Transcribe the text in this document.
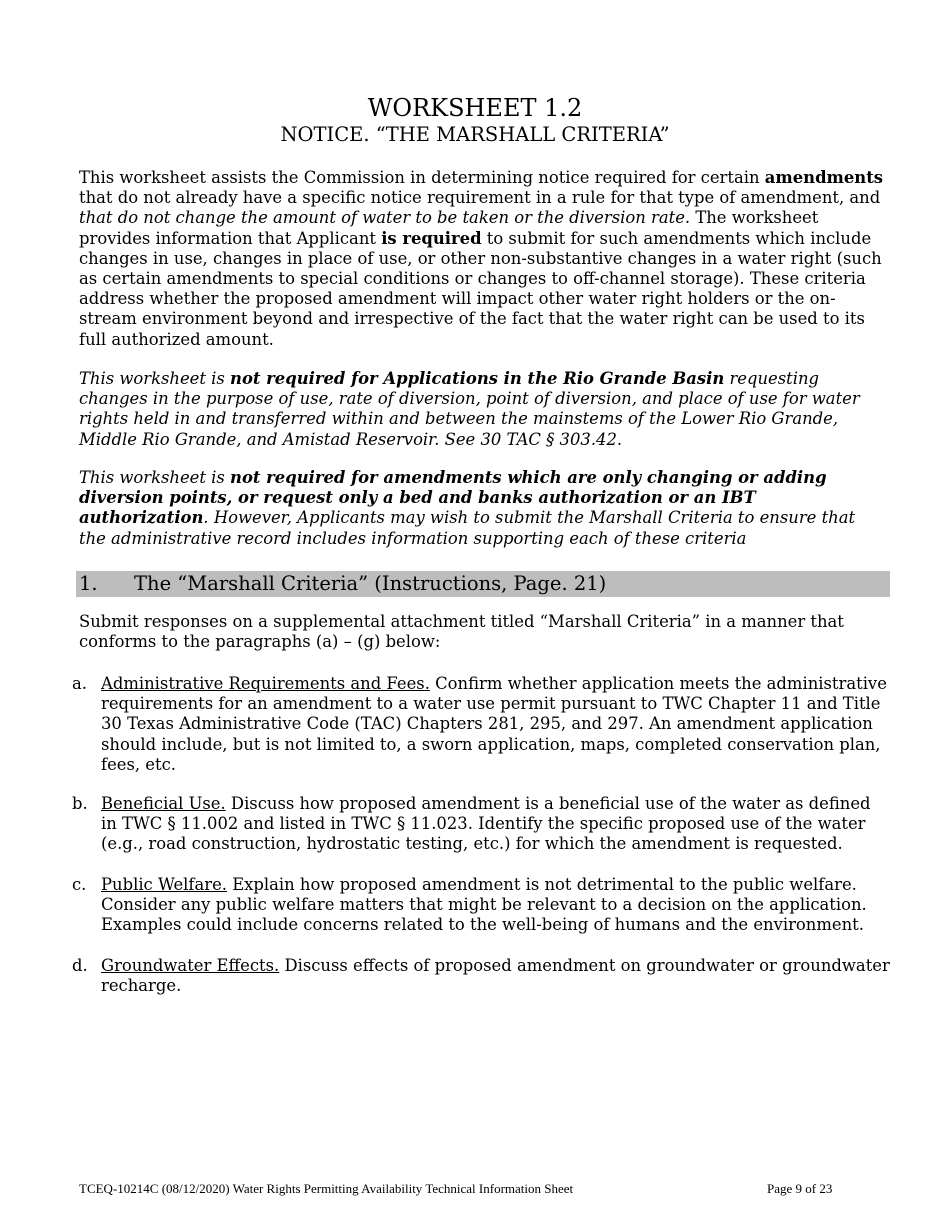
WORKSHEET 1.2
NOTICE. “THE MARSHALL CRITERIA”

This worksheet assists the Commission in determining notice required for certain amendments that do not already have a specific notice requirement in a rule for that type of amendment, and that do not change the amount of water to be taken or the diversion rate. The worksheet provides information that Applicant is required to submit for such amendments which include changes in use, changes in place of use, or other non-substantive changes in a water right (such as certain amendments to special conditions or changes to off-channel storage). These criteria address whether the proposed amendment will impact other water right holders or the on-stream environment beyond and irrespective of the fact that the water right can be used to its full authorized amount.

This worksheet is not required for Applications in the Rio Grande Basin requesting changes in the purpose of use, rate of diversion, point of diversion, and place of use for water rights held in and transferred within and between the mainstems of the Lower Rio Grande, Middle Rio Grande, and Amistad Reservoir. See 30 TAC § 303.42.

This worksheet is not required for amendments which are only changing or adding diversion points, or request only a bed and banks authorization or an IBT authorization. However, Applicants may wish to submit the Marshall Criteria to ensure that the administrative record includes information supporting each of these criteria

1. The “Marshall Criteria” (Instructions, Page. 21)

Submit responses on a supplemental attachment titled “Marshall Criteria” in a manner that conforms to the paragraphs (a) – (g) below:

a. Administrative Requirements and Fees. Confirm whether application meets the administrative requirements for an amendment to a water use permit pursuant to TWC Chapter 11 and Title 30 Texas Administrative Code (TAC) Chapters 281, 295, and 297. An amendment application should include, but is not limited to, a sworn application, maps, completed conservation plan, fees, etc.
b. Beneficial Use. Discuss how proposed amendment is a beneficial use of the water as defined in TWC § 11.002 and listed in TWC § 11.023. Identify the specific proposed use of the water (e.g., road construction, hydrostatic testing, etc.) for which the amendment is requested.
c. Public Welfare. Explain how proposed amendment is not detrimental to the public welfare. Consider any public welfare matters that might be relevant to a decision on the application. Examples could include concerns related to the well-being of humans and the environment.
d. Groundwater Effects. Discuss effects of proposed amendment on groundwater or groundwater recharge.
TCEQ-10214C (08/12/2020) Water Rights Permitting Availability Technical Information Sheet	Page 9 of 23
